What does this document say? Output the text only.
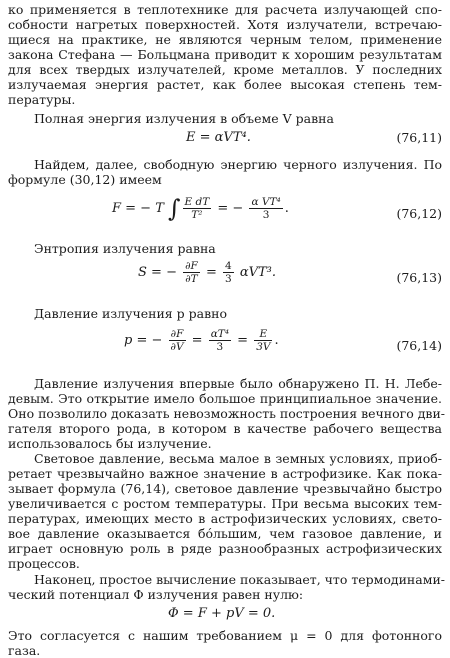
ко применяется в теплотехнике для расчета излучающей спо-
собности нагретых поверхностей. Хотя излучатели, встречаю-
щиеся на практике, не являются черным телом, применение
закона Стефана — Больцмана приводит к хорошим результатам
для всех твердых излучателей, кроме металлов. У последних
излучаемая энергия растет, как более высокая степень тем-
пературы.
Полная энергия излучения в объеме V равна
E = αVT⁴.	(76,11)
Найдем, далее, свободную энергию черного излучения. По
формуле (30,12) имеем
F = − T ∫ $\frac{\text{E dT}}{\text{T²}}$ = − $\frac{\text{α VT⁴}}{3}$ .	(76,12)
Энтропия излучения равна
S = − $\frac{\partial F}{\partial T} = \frac{4}{3} \alpha VT^3$.	(76,13)
Давление излучения p равно
p = − $\frac{\partial F}{\partial V} = \frac{\text{αT⁴}}{3} = \frac{E}{3V}$ .	(76,14)
Давление излучения впервые было обнаружено П. Н. Лебе-
девым. Это открытие имело большое принципиальное значение.
Оно позволило доказать невозможность построения вечного дви-
гателя второго рода, в котором в качестве рабочего вещества
использовалось бы излучение.
Световое давление, весьма малое в земных условиях, приоб-
ретает чрезвычайно важное значение в астрофизике. Как пока-
зывает формула (76,14), световое давление чрезвычайно быстро
увеличивается с ростом температуры. При весьма высоких тем-
пературах, имеющих место в астрофизических условиях, свето-
вое давление оказывается бóльшим, чем газовое давление, и
играет основную роль в ряде разнообразных астрофизических
процессов.
Наконец, простое вычисление показывает, что термодинами-
ческий потенциал Φ излучения равен нулю:
Φ = F + pV = 0.
Это согласуется с нашим требованием μ = 0 для фотонного
газа.
